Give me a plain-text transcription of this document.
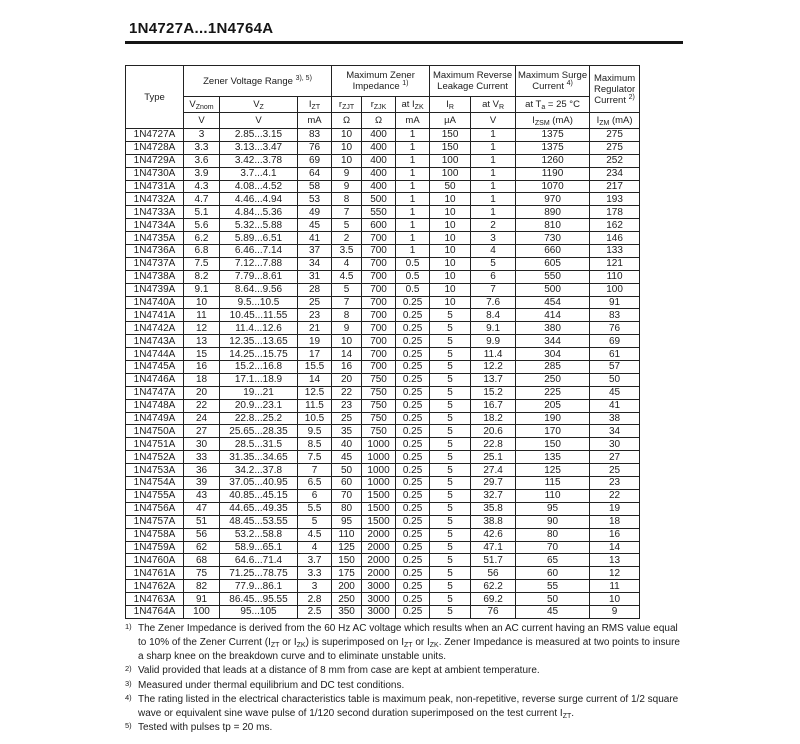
1N4727A...1N4764A
Type	Zener Voltage Range $^{3), 5)}$			Maximum Zener Impedance $^{1)}$			Maximum Reverse Leakage Current		Maximum Surge Current $^{4)}$	Maximum Regulator Current $^{2)}$
	$V_{Znom}$	$V_Z$	$I_{ZT}$	$r_{ZJT}$	$r_{ZJK}$	at $I_{ZK}$	$I_R$	at $V_R$	at $T_a = 25$ °C	
	V	V	mA	Ω	Ω	mA	µA	V	$I_{ZSM}$ (mA)	$I_{ZM}$ (mA)
1N4727A	3	2.85...3.15	83	10	400	1	150	1	1375	275
1N4728A	3.3	3.13...3.47	76	10	400	1	150	1	1375	275
1N4729A	3.6	3.42...3.78	69	10	400	1	100	1	1260	252
1N4730A	3.9	3.7...4.1	64	9	400	1	100	1	1190	234
1N4731A	4.3	4.08...4.52	58	9	400	1	50	1	1070	217
1N4732A	4.7	4.46...4.94	53	8	500	1	10	1	970	193
1N4733A	5.1	4.84...5.36	49	7	550	1	10	1	890	178
1N4734A	5.6	5.32...5.88	45	5	600	1	10	2	810	162
1N4735A	6.2	5.89...6.51	41	2	700	1	10	3	730	146
1N4736A	6.8	6.46...7.14	37	3.5	700	1	10	4	660	133
1N4737A	7.5	7.12...7.88	34	4	700	0.5	10	5	605	121
1N4738A	8.2	7.79...8.61	31	4.5	700	0.5	10	6	550	110
1N4739A	9.1	8.64...9.56	28	5	700	0.5	10	7	500	100
1N4740A	10	9.5...10.5	25	7	700	0.25	10	7.6	454	91
1N4741A	11	10.45...11.55	23	8	700	0.25	5	8.4	414	83
1N4742A	12	11.4...12.6	21	9	700	0.25	5	9.1	380	76
1N4743A	13	12.35...13.65	19	10	700	0.25	5	9.9	344	69
1N4744A	15	14.25...15.75	17	14	700	0.25	5	11.4	304	61
1N4745A	16	15.2...16.8	15.5	16	700	0.25	5	12.2	285	57
1N4746A	18	17.1...18.9	14	20	750	0.25	5	13.7	250	50
1N4747A	20	19...21	12.5	22	750	0.25	5	15.2	225	45
1N4748A	22	20.9...23.1	11.5	23	750	0.25	5	16.7	205	41
1N4749A	24	22.8...25.2	10.5	25	750	0.25	5	18.2	190	38
1N4750A	27	25.65...28.35	9.5	35	750	0.25	5	20.6	170	34
1N4751A	30	28.5...31.5	8.5	40	1000	0.25	5	22.8	150	30
1N4752A	33	31.35...34.65	7.5	45	1000	0.25	5	25.1	135	27
1N4753A	36	34.2...37.8	7	50	1000	0.25	5	27.4	125	25
1N4754A	39	37.05...40.95	6.5	60	1000	0.25	5	29.7	115	23
1N4755A	43	40.85...45.15	6	70	1500	0.25	5	32.7	110	22
1N4756A	47	44.65...49.35	5.5	80	1500	0.25	5	35.8	95	19
1N4757A	51	48.45...53.55	5	95	1500	0.25	5	38.8	90	18
1N4758A	56	53.2...58.8	4.5	110	2000	0.25	5	42.6	80	16
1N4759A	62	58.9...65.1	4	125	2000	0.25	5	47.1	70	14
1N4760A	68	64.6...71.4	3.7	150	2000	0.25	5	51.7	65	13
1N4761A	75	71.25...78.75	3.3	175	2000	0.25	5	56	60	12
1N4762A	82	77.9...86.1	3	200	3000	0.25	5	62.2	55	11
1N4763A	91	86.45...95.55	2.8	250	3000	0.25	5	69.2	50	10
1N4764A	100	95...105	2.5	350	3000	0.25	5	76	45	9
1) The Zener Impedance is derived from the 60 Hz AC voltage which results when an AC current having an RMS value equal to 10% of the Zener Current ($I_{ZT}$ or $I_{ZK}$) is superimposed on $I_{ZT}$ or $I_{ZK}$. Zener Impedance is measured at two points to insure a sharp knee on the breakdown curve and to eliminate unstable units.
2) Valid provided that leads at a distance of 8 mm from case are kept at ambient temperature.
3) Measured under thermal equilibrium and DC test conditions.
4) The rating listed in the electrical characteristics table is maximum peak, non-repetitive, reverse surge current of 1/2 square wave or equivalent sine wave pulse of 1/120 second duration superimposed on the test current $I_{ZT}$.
5) Tested with pulses tp = 20 ms.
